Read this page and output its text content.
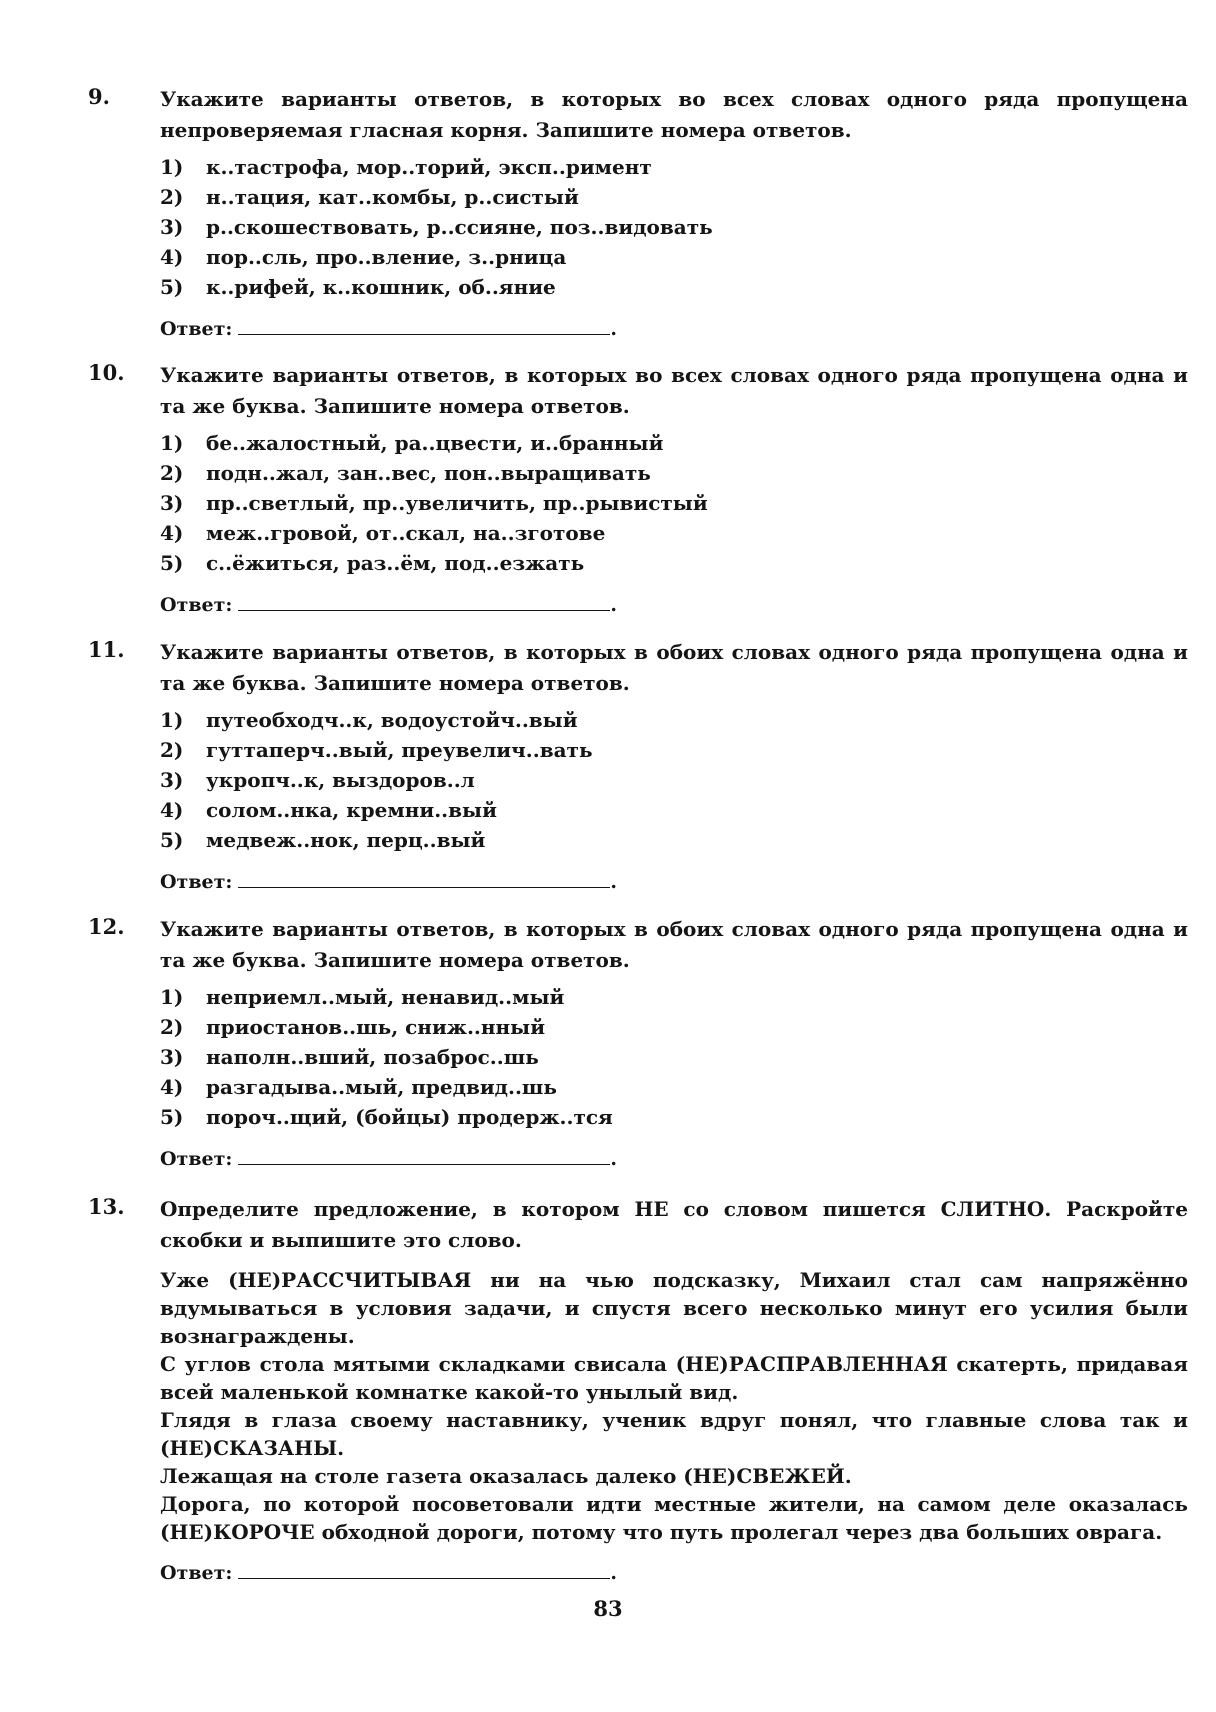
9.	Укажите варианты ответов, в которых во всех словах одного ряда пропущена непроверяемая гласная корня. Запишите номера ответов.
1) к..тастрофа, мор..торий, эксп..римент
2) н..тация, кат..комбы, р..систый
3) р..скошествовать, р..ссияне, поз..видовать
4) пор..сль, про..вление, з..рница
5) к..рифей, к..кошник, об..яние
Ответ:	.
10. Укажите варианты ответов, в которых во всех словах одного ряда пропущена одна и та же буква. Запишите номера ответов.
1) бе..жалостный, ра..цвести, и..бранный
2) подн..жал, зан..вес, пон..выращивать
3) пр..светлый, пр..увеличить, пр..рывистый
4) меж..гровой, от..скал, на..зготове
5) с..ёжиться, раз..ём, под..езжать
Ответ:	.
11. Укажите варианты ответов, в которых в обоих словах одного ряда пропущена одна и та же буква. Запишите номера ответов.
1) путеобходч..к, водоустойч..вый
2) гуттаперч..вый, преувелич..вать
3) укропч..к, выздоров..л
4) солом..нка, кремни..вый
5) медвеж..нок, перц..вый
Ответ:	.
12. Укажите варианты ответов, в которых в обоих словах одного ряда пропущена одна и та же буква. Запишите номера ответов.
1) неприемл..мый, ненавид..мый
2) приостанов..шь, сниж..нный
3) наполн..вший, позаброс..шь
4) разгадыва..мый, предвид..шь
5) пороч..щий, (бойцы) продерж..тся
Ответ:	.
13. Определите предложение, в котором НЕ со словом пишется СЛИТНО. Раскройте скобки и выпишите это слово.
Уже (НЕ)РАССЧИТЫВАЯ ни на чью подсказку, Михаил стал сам напряжённо вдумываться в условия задачи, и спустя всего несколько минут его усилия были вознаграждены.
С углов стола мятыми складками свисала (НЕ)РАСПРАВЛЕННАЯ скатерть, придавая всей маленькой комнатке какой-то унылый вид.
Глядя в глаза своему наставнику, ученик вдруг понял, что главные слова так и (НЕ)СКАЗАНЫ.
Лежащая на столе газета оказалась далеко (НЕ)СВЕЖЕЙ.
Дорога, по которой посоветовали идти местные жители, на самом деле оказалась (НЕ)КОРОЧЕ обходной дороги, потому что путь пролегал через два больших оврага.
Ответ:	.
83
